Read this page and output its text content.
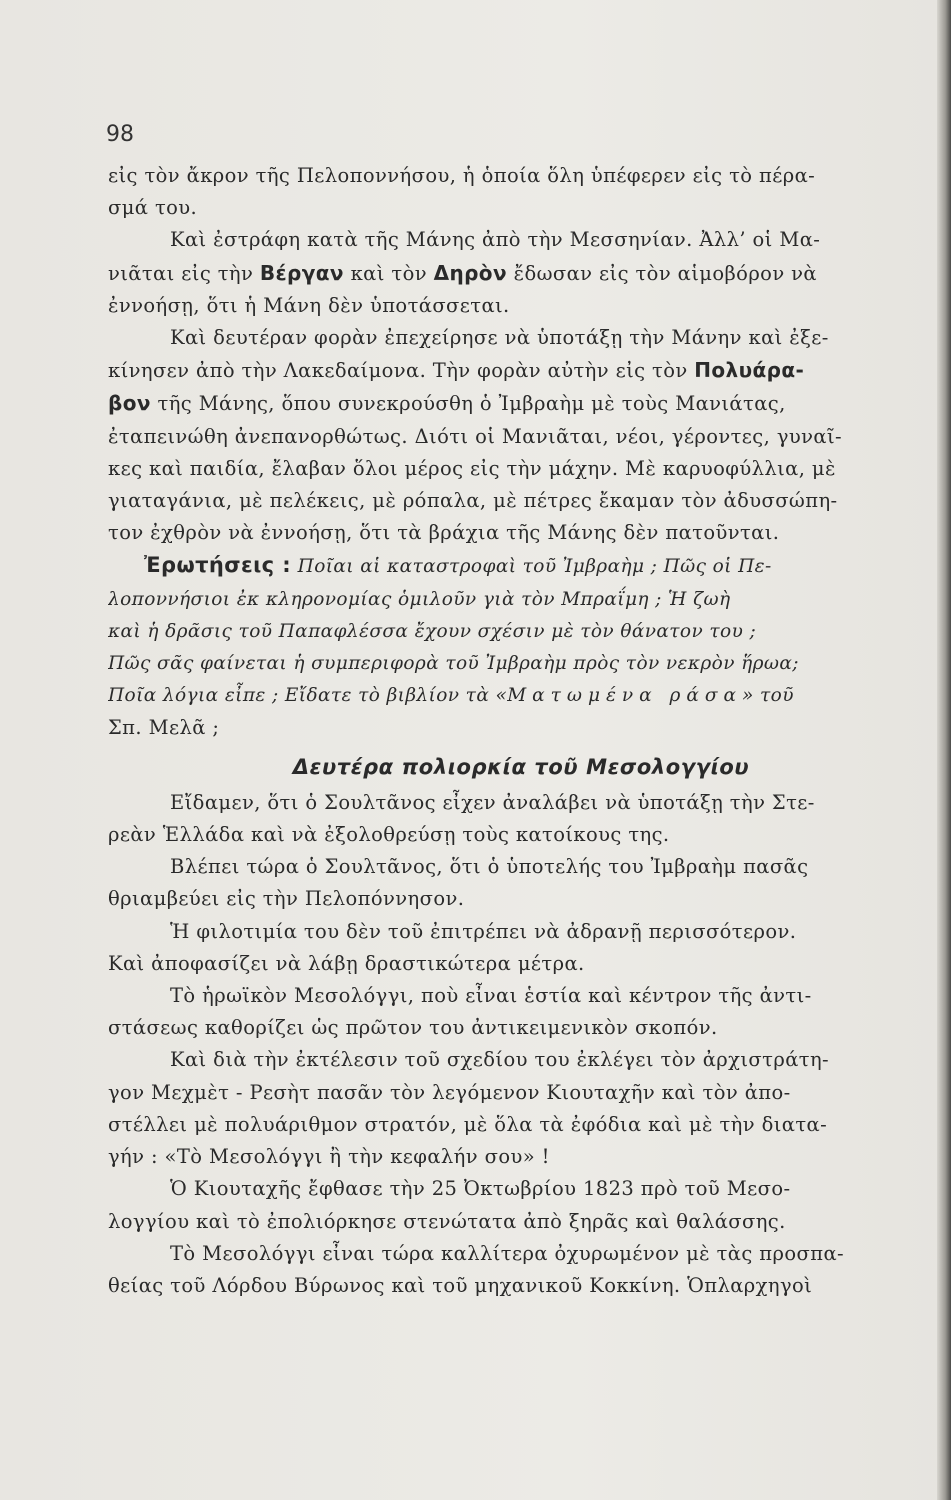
98
εἰς τὸν ἄκρον τῆς Πελοποννήσου, ἡ ὁποία ὅλη ὑπέφερεν εἰς τὸ πέρα-
σμά του.
Καὶ ἐστράφη κατὰ τῆς Μάνης ἀπὸ τὴν Μεσσηνίαν. Ἀλλ’ οἱ Μα-
νιᾶται εἰς τὴν Βέργαν καὶ τὸν Δηρὸν ἔδωσαν εἰς τὸν αἱμοβόρον νὰ
ἐννοήσῃ, ὅτι ἡ Μάνη δὲν ὑποτάσσεται.
Καὶ δευτέραν φορὰν ἐπεχείρησε νὰ ὑποτάξῃ τὴν Μάνην καὶ ἐξε-
κίνησεν ἀπὸ τὴν Λακεδαίμονα. Τὴν φορὰν αὐτὴν εἰς τὸν Πολυάρα-
βον τῆς Μάνης, ὅπου συνεκρούσθη ὁ Ἰμβραὴμ μὲ τοὺς Μανιάτας,
ἐταπεινώθη ἀνεπανορθώτως. Διότι οἱ Μανιᾶται, νέοι, γέροντες, γυναῖ-
κες καὶ παιδία, ἔλαβαν ὅλοι μέρος εἰς τὴν μάχην. Μὲ καρυοφύλλια, μὲ
γιαταγάνια, μὲ πελέκεις, μὲ ρόπαλα, μὲ πέτρες ἔκαμαν τὸν ἀδυσσώπη-
τον ἐχθρὸν νὰ ἐννοήσῃ, ὅτι τὰ βράχια τῆς Μάνης δὲν πατοῦνται.
Ἐρωτήσεις : Ποῖαι αἱ καταστροφαὶ τοῦ Ἰμβραὴμ ; Πῶς οἱ Πε-
λοποννήσιοι ἐκ κληρονομίας ὁμιλοῦν γιὰ τὸν Μπραΐμη ; Ἡ ζωὴ
καὶ ἡ δρᾶσις τοῦ Παπαφλέσσα ἔχουν σχέσιν μὲ τὸν θάνατον του ;
Πῶς σᾶς φαίνεται ἡ συμπεριφορὰ τοῦ Ἰμβραὴμ πρὸς τὸν νεκρὸν ἥρωα;
Ποῖα λόγια εἶπε ; Εἴδατε τὸ βιβλίον τὰ «Ματωμένα ράσα» τοῦ
Σπ. Μελᾶ ;
Δευτέρα πολιορκία τοῦ Μεσολογγίου
Εἴδαμεν, ὅτι ὁ Σουλτᾶνος εἶχεν ἀναλάβει νὰ ὑποτάξῃ τὴν Στε-
ρεὰν Ἑλλάδα καὶ νὰ ἐξολοθρεύσῃ τοὺς κατοίκους της.
Βλέπει τώρα ὁ Σουλτᾶνος, ὅτι ὁ ὑποτελής του Ἰμβραὴμ πασᾶς
θριαμβεύει εἰς τὴν Πελοπόννησον.
Ἡ φιλοτιμία του δὲν τοῦ ἐπιτρέπει νὰ ἀδρανῇ περισσότερον.
Καὶ ἀποφασίζει νὰ λάβῃ δραστικώτερα μέτρα.
Τὸ ἡρωϊκὸν Μεσολόγγι, ποὺ εἶναι ἑστία καὶ κέντρον τῆς ἀντι-
στάσεως καθορίζει ὡς πρῶτον του ἀντικειμενικὸν σκοπόν.
Καὶ διὰ τὴν ἐκτέλεσιν τοῦ σχεδίου του ἐκλέγει τὸν ἀρχιστράτη-
γον Μεχμὲτ - Ρεσὴτ πασᾶν τὸν λεγόμενον Κιουταχῆν καὶ τὸν ἀπο-
στέλλει μὲ πολυάριθμον στρατόν, μὲ ὅλα τὰ ἐφόδια καὶ μὲ τὴν διατα-
γήν : «Τὸ Μεσολόγγι ἢ τὴν κεφαλήν σου» !
Ὁ Κιουταχῆς ἔφθασε τὴν 25 Ὀκτωβρίου 1823 πρὸ τοῦ Μεσο-
λογγίου καὶ τὸ ἐπολιόρκησε στενώτατα ἀπὸ ξηρᾶς καὶ θαλάσσης.
Τὸ Μεσολόγγι εἶναι τώρα καλλίτερα ὀχυρωμένον μὲ τὰς προσπα-
θείας τοῦ Λόρδου Βύρωνος καὶ τοῦ μηχανικοῦ Κοκκίνη. Ὁπλαρχηγοὶ
